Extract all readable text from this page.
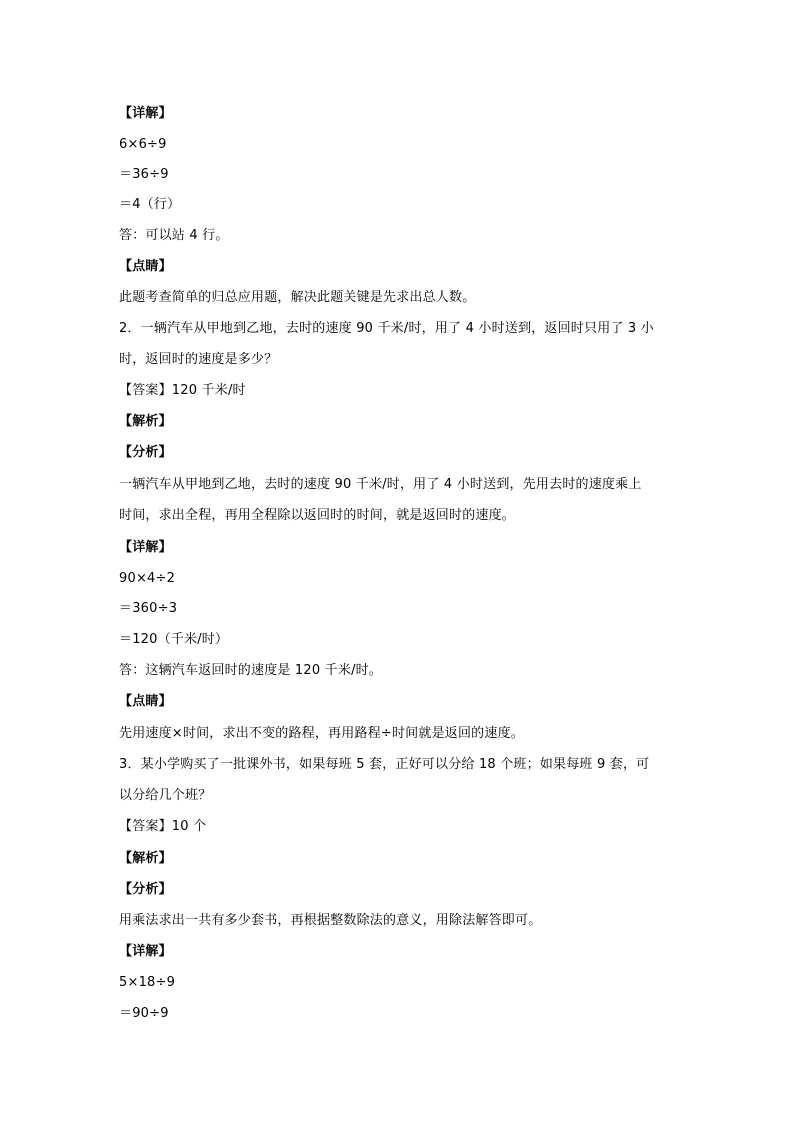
【详解】
6×6÷9
＝36÷9
＝4（行）
答：可以站 4 行。
【点睛】
此题考查简单的归总应用题，解决此题关键是先求出总人数。
2．一辆汽车从甲地到乙地，去时的速度 90 千米/时，用了 4 小时送到，返回时只用了 3 小
时，返回时的速度是多少？
【答案】120 千米/时
【解析】
【分析】
一辆汽车从甲地到乙地，去时的速度 90 千米/时，用了 4 小时送到，先用去时的速度乘上
时间，求出全程，再用全程除以返回时的时间，就是返回时的速度。
【详解】
90×4÷2
＝360÷3
＝120（千米/时）
答：这辆汽车返回时的速度是 120 千米/时。
【点睛】
先用速度×时间，求出不变的路程，再用路程÷时间就是返回的速度。
3．某小学购买了一批课外书，如果每班 5 套，正好可以分给 18 个班；如果每班 9 套，可
以分给几个班？
【答案】10 个
【解析】
【分析】
用乘法求出一共有多少套书，再根据整数除法的意义，用除法解答即可。
【详解】
5×18÷9
＝90÷9
